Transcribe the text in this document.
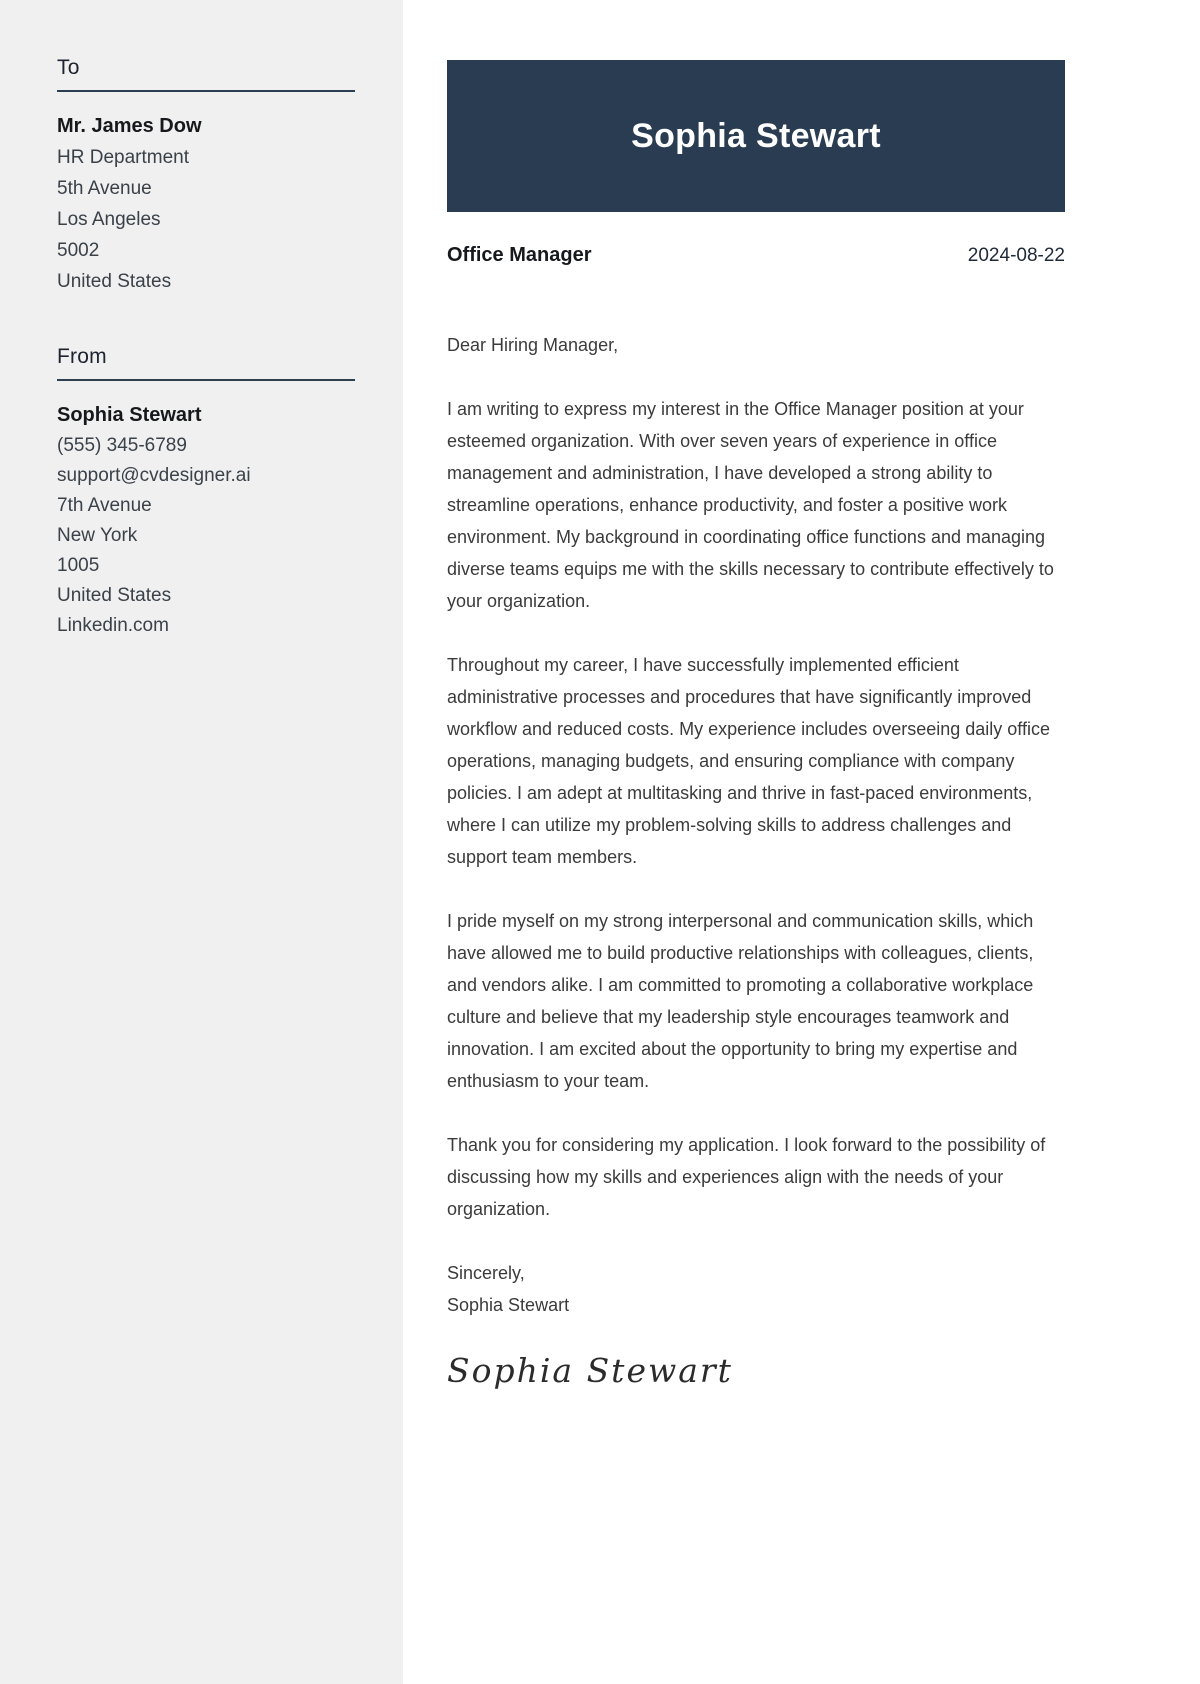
To
Mr. James Dow
HR Department
5th Avenue
Los Angeles
5002
United States
From
Sophia Stewart
(555) 345-6789
support@cvdesigner.ai
7th Avenue
New York
1005
United States
Linkedin.com
Sophia Stewart
Office Manager	2024-08-22

Dear Hiring Manager,

I am writing to express my interest in the Office Manager position at your esteemed organization. With over seven years of experience in office management and administration, I have developed a strong ability to streamline operations, enhance productivity, and foster a positive work environment. My background in coordinating office functions and managing diverse teams equips me with the skills necessary to contribute effectively to your organization.

Throughout my career, I have successfully implemented efficient administrative processes and procedures that have significantly improved workflow and reduced costs. My experience includes overseeing daily office operations, managing budgets, and ensuring compliance with company policies. I am adept at multitasking and thrive in fast-paced environments, where I can utilize my problem-solving skills to address challenges and support team members.

I pride myself on my strong interpersonal and communication skills, which have allowed me to build productive relationships with colleagues, clients, and vendors alike. I am committed to promoting a collaborative workplace culture and believe that my leadership style encourages teamwork and innovation. I am excited about the opportunity to bring my expertise and enthusiasm to your team.

Thank you for considering my application. I look forward to the possibility of discussing how my skills and experiences align with the needs of your organization.

Sincerely,

Sophia Stewart

Sophia Stewart
